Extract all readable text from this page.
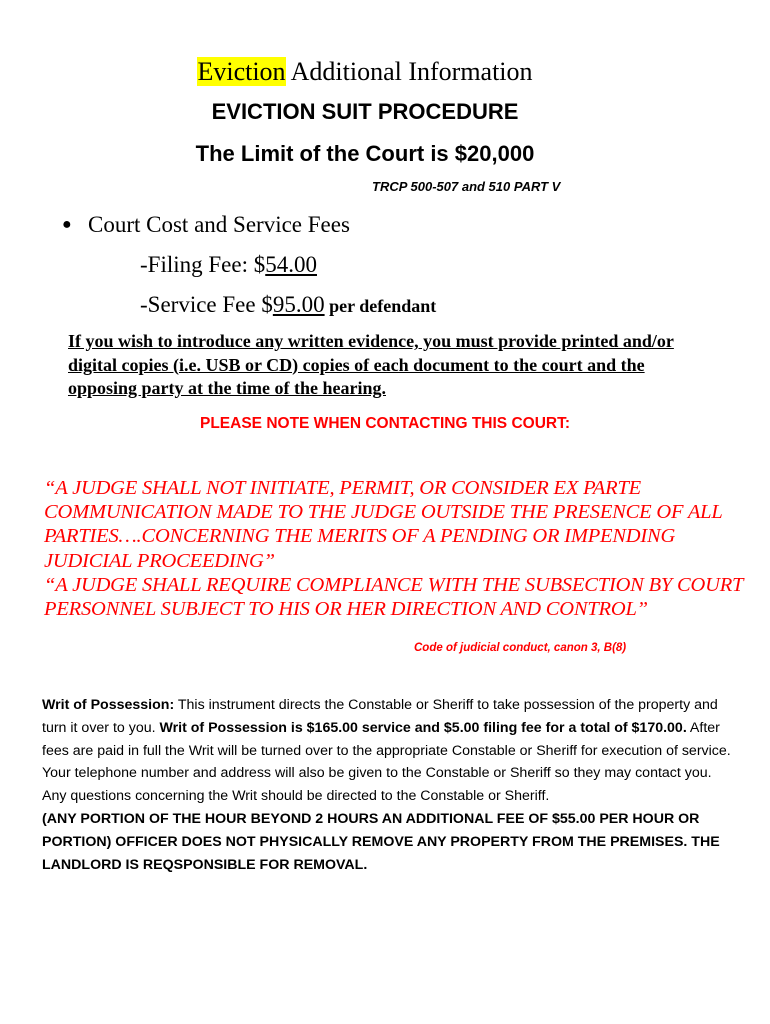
Eviction Additional Information
EVICTION SUIT PROCEDURE
The Limit of the Court is $20,000
TRCP 500-507 and 510 PART V
● Court Cost and Service Fees
-Filing Fee: $54.00
-Service Fee $95.00 per defendant
If you wish to introduce any written evidence, you must provide printed and/or digital copies (i.e. USB or CD) copies of each document to the court and the opposing party at the time of the hearing.
PLEASE NOTE WHEN CONTACTING THIS COURT:
“A JUDGE SHALL NOT INITIATE, PERMIT, OR CONSIDER EX PARTE COMMUNICATION MADE TO THE JUDGE OUTSIDE THE PRESENCE OF ALL PARTIES….CONCERNING THE MERITS OF A PENDING OR IMPENDING JUDICIAL PROCEEDING”
“A JUDGE SHALL REQUIRE COMPLIANCE WITH THE SUBSECTION BY COURT PERSONNEL SUBJECT TO HIS OR HER DIRECTION AND CONTROL”
Code of judicial conduct, canon 3, B(8)
Writ of Possession: This instrument directs the Constable or Sheriff to take possession of the property and turn it over to you. Writ of Possession is $165.00 service and $5.00 filing fee for a total of $170.00. After fees are paid in full the Writ will be turned over to the appropriate Constable or Sheriff for execution of service. Your telephone number and address will also be given to the Constable or Sheriff so they may contact you. Any questions concerning the Writ should be directed to the Constable or Sheriff.
(ANY PORTION OF THE HOUR BEYOND 2 HOURS AN ADDITIONAL FEE OF $55.00 PER HOUR OR PORTION) OFFICER DOES NOT PHYSICALLY REMOVE ANY PROPERTY FROM THE PREMISES. THE LANDLORD IS REQSPONSIBLE FOR REMOVAL.
